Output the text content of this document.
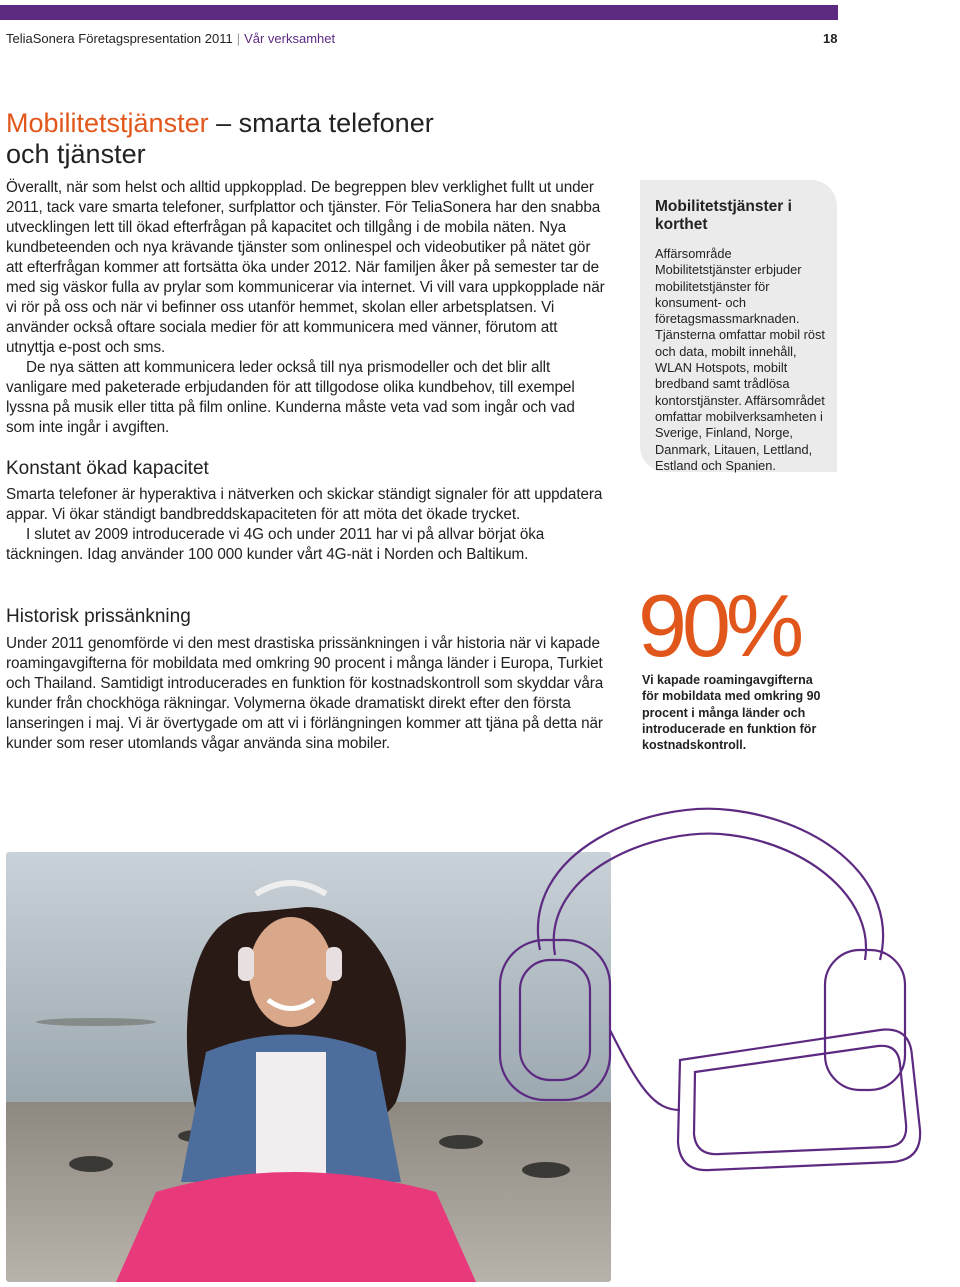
TeliaSonera Företagspresentation 2011 | Vår verksamhet	18
Mobilitetstjänster – smarta telefoner
och tjänster

Överallt, när som helst och alltid uppkopplad. De begreppen blev verklighet fullt ut under 2011, tack vare smarta telefoner, surfplattor och tjänster. För TeliaSonera har den snabba utvecklingen lett till ökad efterfrågan på kapacitet och tillgång i de mobila näten. Nya kundbeteenden och nya krävande tjänster som onlinespel och videobutiker på nätet gör att efterfrågan kommer att fortsätta öka under 2012. När familjen åker på semester tar de med sig väskor fulla av prylar som kommunicerar via internet. Vi vill vara uppkopplade när vi rör på oss och när vi befinner oss utanför hemmet, skolan eller arbetsplatsen. Vi använder också oftare sociala medier för att kommunicera med vänner, förutom att utnyttja e-post och sms.

De nya sätten att kommunicera leder också till nya prismodeller och det blir allt vanligare med paketerade erbjudanden för att tillgodose olika kundbehov, till exempel lyssna på musik eller titta på film online. Kunderna måste veta vad som ingår och vad som inte ingår i avgiften.

Konstant ökad kapacitet

Smarta telefoner är hyperaktiva i nätverken och skickar ständigt signaler för att uppdatera appar. Vi ökar ständigt bandbreddskapaciteten för att möta det ökade trycket.

I slutet av 2009 introducerade vi 4G och under 2011 har vi på allvar börjat öka täckningen. Idag använder 100 000 kunder vårt 4G-nät i Norden och Baltikum.

Historisk prissänkning

Under 2011 genomförde vi den mest drastiska prissänkningen i vår historia när vi kapade roamingavgifterna för mobildata med omkring 90 procent i många länder i Europa, Turkiet och Thailand. Samtidigt introducerades en funktion för kostnadskontroll som skyddar våra kunder från chockhöga räkningar. Volymerna ökade dramatiskt direkt efter den första lanseringen i maj. Vi är övertygade om att vi i förlängningen kommer att tjäna på detta när kunder som reser utomlands vågar använda sina mobiler.

Mobilitetstjänster i korthet
Affärsområde Mobilitetstjänster erbjuder mobilitetstjänster för konsument- och företagsmassmarknaden. Tjänsterna omfattar mobil röst och data, mobilt innehåll, WLAN Hotspots, mobilt bredband samt trådlösa kontorstjänster. Affärsområdet omfattar mobilverksamheten i Sverige, Finland, Norge, Danmark, Litauen, Lettland, Estland och Spanien.
90%
Vi kapade roamingavgifterna för mobildata med omkring 90 procent i många länder och introducerade en funktion för kostnadskontroll.
